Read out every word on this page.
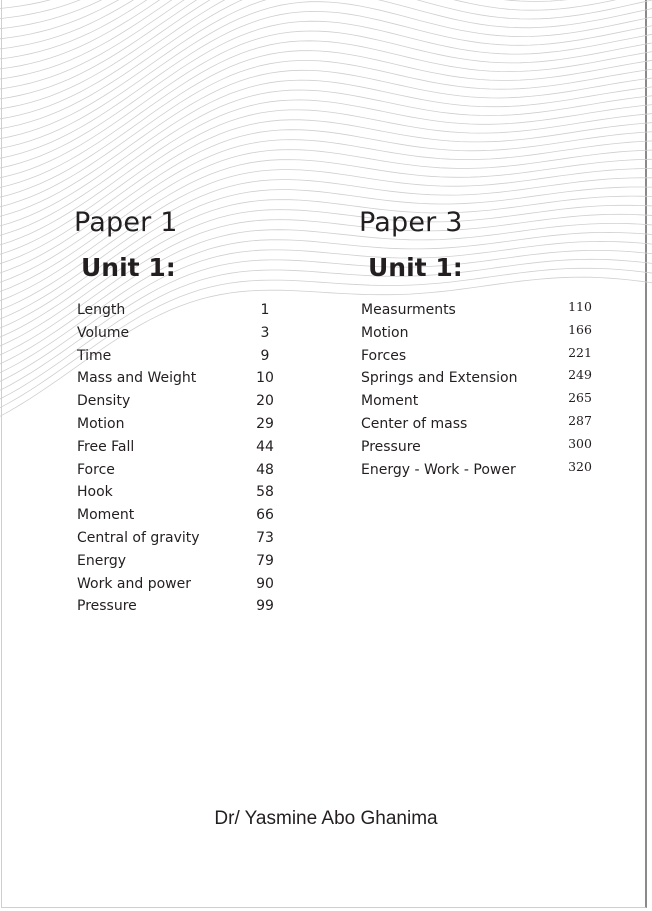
Paper 1
Unit 1:
Paper 3
Unit 1:
Length	1
Volume	3
Time	9
Mass and Weight	10
Density	20
Motion	29
Free Fall	44
Force	48
Hook	58
Moment	66
Central of gravity	73
Energy	79
Work and power	90
Pressure	99
Measurments	110
Motion	166
Forces	221
Springs and Extension	249
Moment	265
Center of mass	287
Pressure	300
Energy - Work - Power	320
Dr/ Yasmine Abo Ghanima
